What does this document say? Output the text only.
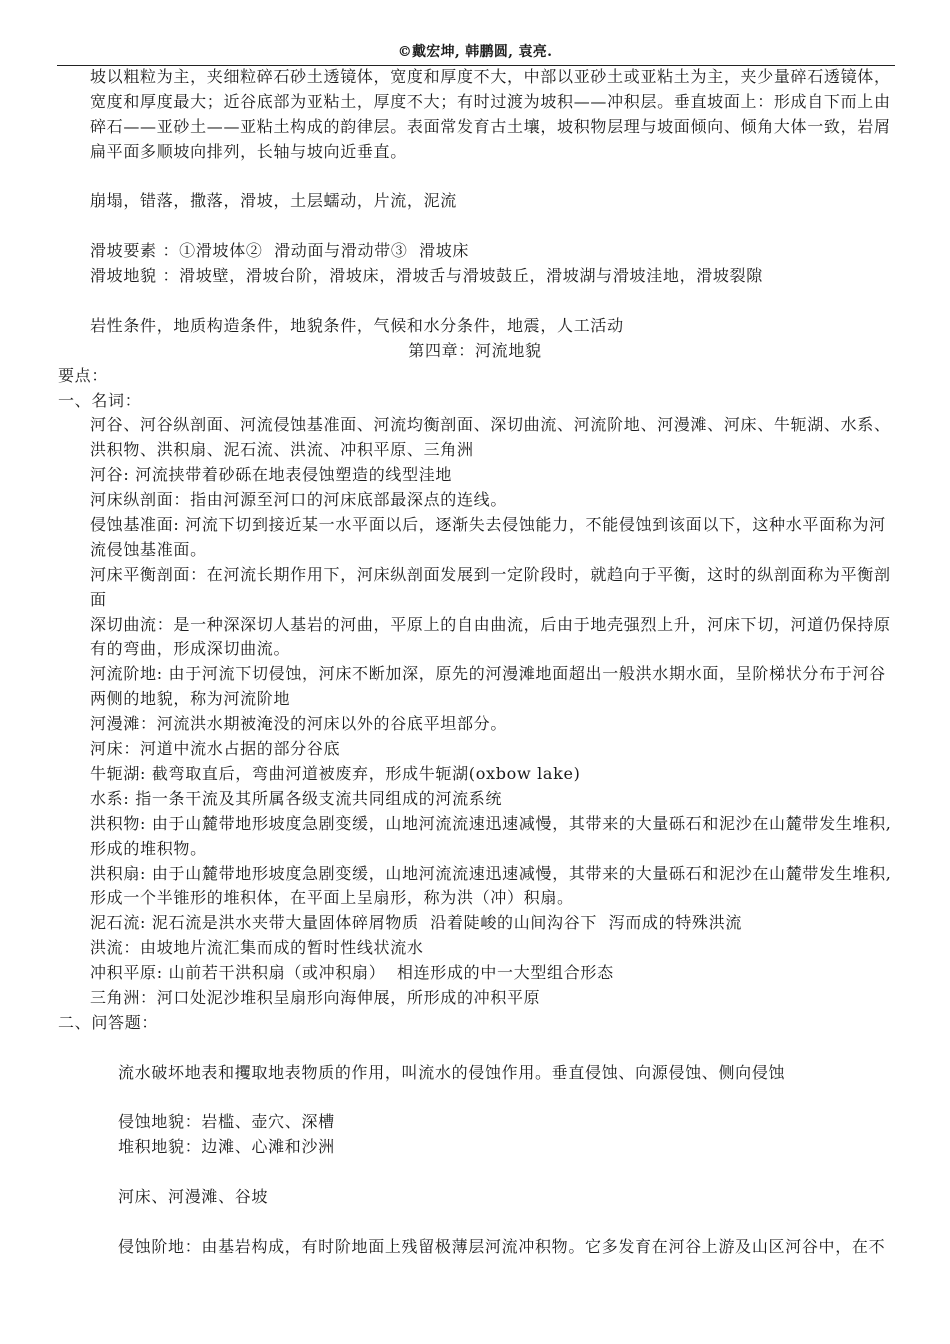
©戴宏坤, 韩鹏圆, 袁亮.
坡以粗粒为主，夹细粒碎石砂土透镜体，宽度和厚度不大，中部以亚砂土或亚粘土为主，夹少量碎石透镜体，
宽度和厚度最大；近谷底部为亚粘土，厚度不大；有时过渡为坡积——冲积层。垂直坡面上：形成自下而上由
碎石——亚砂土——亚粘土构成的韵律层。表面常发育古土壤，坡积物层理与坡面倾向、倾角大体一致，岩屑
扁平面多顺坡向排列，长轴与坡向近垂直。

崩塌，错落，撒落，滑坡，土层蠕动，片流，泥流

滑坡要素 ：①滑坡体②  滑动面与滑动带③  滑坡床
滑坡地貌 ：滑坡壁，滑坡台阶，滑坡床，滑坡舌与滑坡鼓丘，滑坡湖与滑坡洼地，滑坡裂隙

岩性条件，地质构造条件，地貌条件，气候和水分条件，地震，人工活动
第四章：河流地貌
要点：
一、名词：
河谷、河谷纵剖面、河流侵蚀基准面、河流均衡剖面、深切曲流、河流阶地、河漫滩、河床、牛轭湖、水系、
洪积物、洪积扇、泥石流、洪流、冲积平原、三角洲
河谷: 河流挟带着砂砾在地表侵蚀塑造的线型洼地
河床纵剖面：指由河源至河口的河床底部最深点的连线。
侵蚀基准面: 河流下切到接近某一水平面以后，逐渐失去侵蚀能力，不能侵蚀到该面以下，这种水平面称为河
流侵蚀基准面。
河床平衡剖面：在河流长期作用下，河床纵剖面发展到一定阶段时，就趋向于平衡，这时的纵剖面称为平衡剖
面
深切曲流：是一种深深切人基岩的河曲，平原上的自由曲流，后由于地壳强烈上升，河床下切，河道仍保持原
有的弯曲，形成深切曲流。
河流阶地: 由于河流下切侵蚀，河床不断加深，原先的河漫滩地面超出一般洪水期水面，呈阶梯状分布于河谷
两侧的地貌，称为河流阶地
河漫滩：河流洪水期被淹没的河床以外的谷底平坦部分。
河床：河道中流水占据的部分谷底
牛轭湖: 截弯取直后，弯曲河道被废弃，形成牛轭湖(oxbow lake)
水系: 指一条干流及其所属各级支流共同组成的河流系统
洪积物: 由于山麓带地形坡度急剧变缓，山地河流流速迅速减慢，其带来的大量砾石和泥沙在山麓带发生堆积,
形成的堆积物。
洪积扇: 由于山麓带地形坡度急剧变缓，山地河流流速迅速减慢，其带来的大量砾石和泥沙在山麓带发生堆积,
形成一个半锥形的堆积体，在平面上呈扇形，称为洪（冲）积扇。
泥石流: 泥石流是洪水夹带大量固体碎屑物质  沿着陡峻的山间沟谷下  泻而成的特殊洪流
洪流：由坡地片流汇集而成的暂时性线状流水
冲积平原: 山前若干洪积扇（或冲积扇）  相连形成的中一大型组合形态
三角洲：河口处泥沙堆积呈扇形向海伸展，所形成的冲积平原
二、问答题：

流水破坏地表和攫取地表物质的作用，叫流水的侵蚀作用。垂直侵蚀、向源侵蚀、侧向侵蚀

侵蚀地貌：岩槛、壶穴、深槽
堆积地貌：边滩、心滩和沙洲

河床、河漫滩、谷坡

侵蚀阶地：由基岩构成，有时阶地面上残留极薄层河流冲积物。它多发育在河谷上游及山区河谷中，在不
